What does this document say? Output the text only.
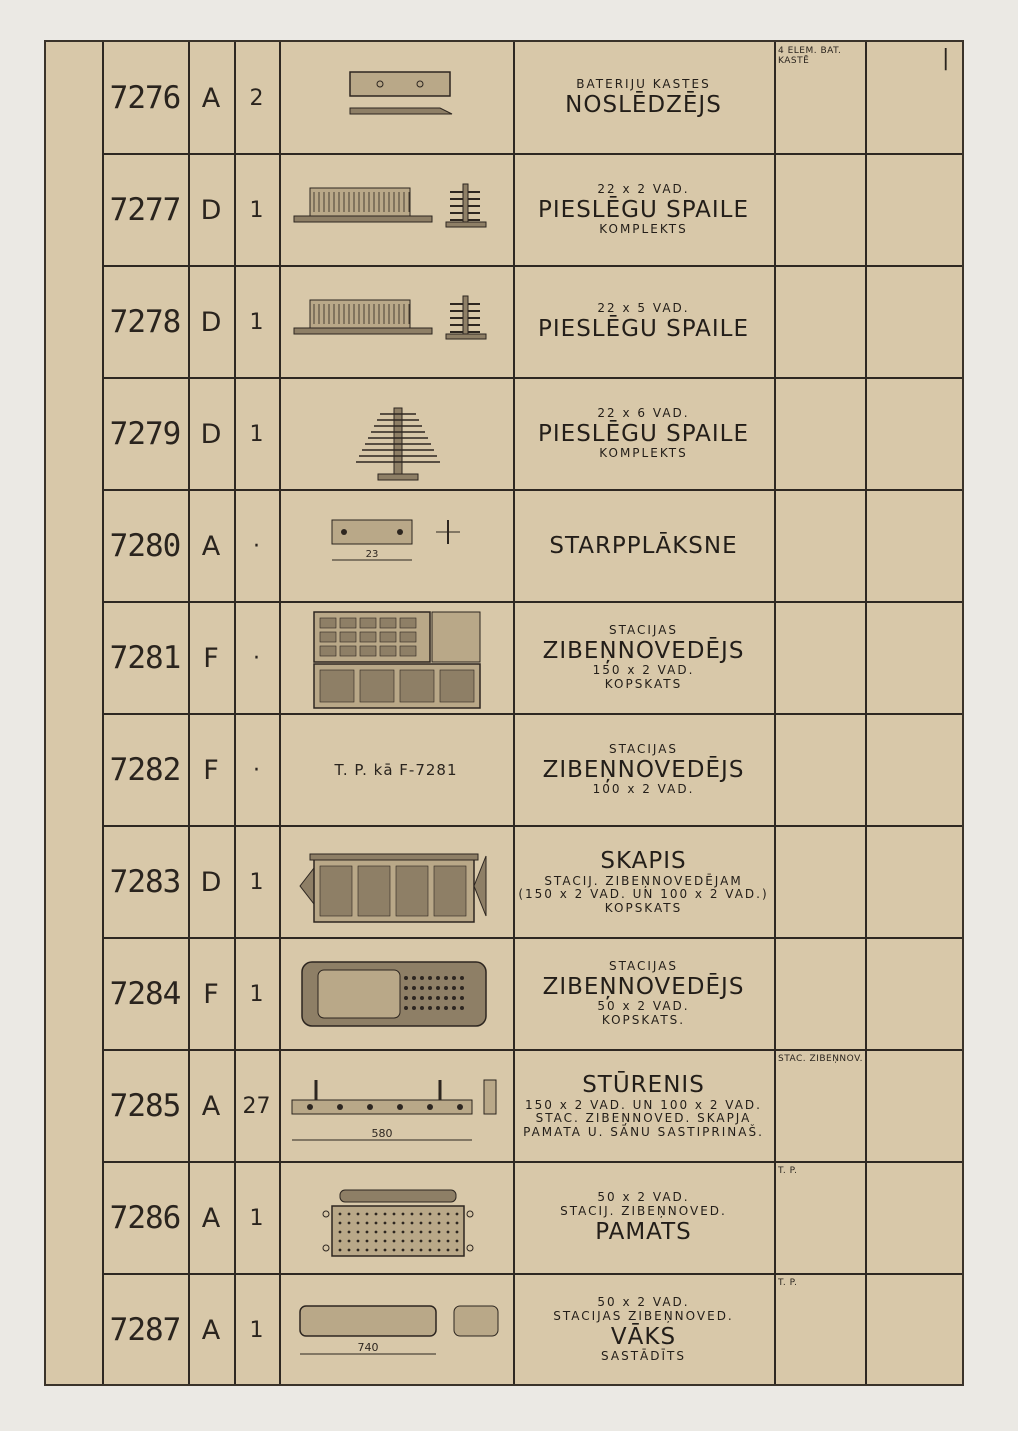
|
7276 A	2
BATERIJU KASTES
NOSLĒDZĒJS
4 ELEM. BAT. KASTĒ
7277 D	1
22 x 2 VAD.
PIESLĒGU SPAILE
KOMPLEKTS
7278 D	1
22 x 5 VAD.
PIESLĒGU SPAILE
7279 D	1
22 x 6 VAD.
PIESLĒGU SPAILE
KOMPLEKTS
7280 A	·	23	STARPPLĀKSNE
7281 F	·
STACIJAS
ZIBEŅNOVEDĒJS
150 x 2 VAD.
KOPSKATS
7282 F	·	T. P. kā F-7281
STACIJAS
ZIBEŅNOVEDĒJS
100 x 2 VAD.
7283 D	1
SKAPIS
STACIJ. ZIBEŅNOVEDĒJAM
(150 x 2 VAD. UN 100 x 2 VAD.)
KOPSKATS
7284 F	1
STACIJAS
ZIBEŅNOVEDĒJS
50 x 2 VAD.
KOPSKATS.
7285 A	27
580
STŪRENIS
150 x 2 VAD. UN 100 x 2 VAD.
STAC. ZIBEŅNOVED. SKAPJA
PAMATA U. SĀNU SASTIPRINAŠ.
STAC. ZIBEŅNOV.
7286 A	1
50 x 2 VAD.
STACIJ. ZIBEŅNOVED.
PAMATS
T. P.
7287 A	1
740
50 x 2 VAD.
STACIJAS ZIBEŅNOVED.
VĀKS
SASTĀDĪTS
T. P.
